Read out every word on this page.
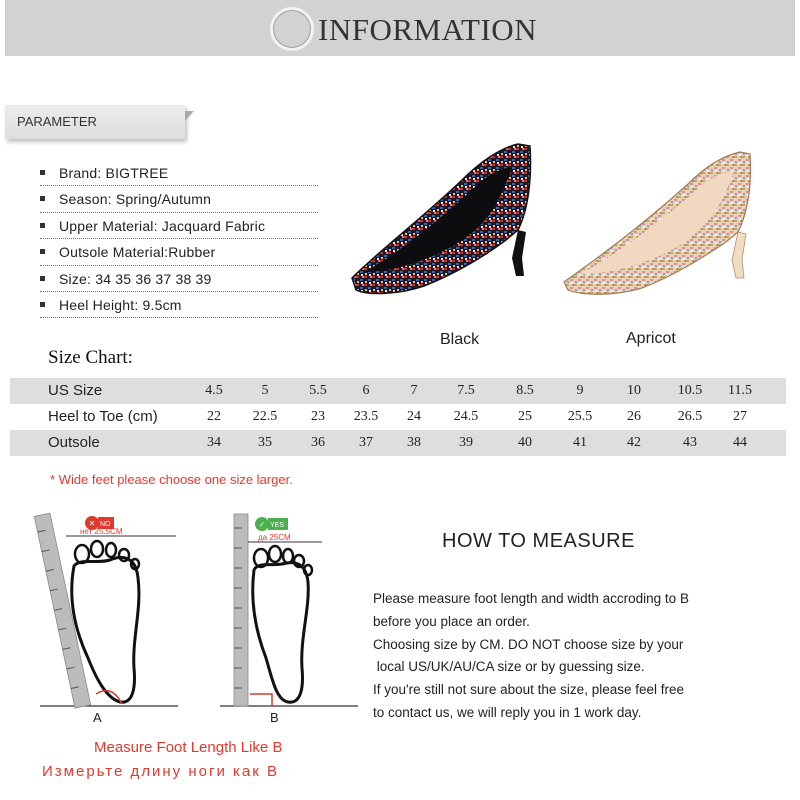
INFORMATION
PARAMETER
Brand: BIGTREE
Season: Spring/Autumn
Upper Material: Jacquard Fabric
Outsole Material:Rubber
Size: 34 35 36 37 38 39
Heel Height: 9.5cm
Black	Apricot
Size Chart:
US Size	4.5	5	5.5	6	7	7.5	8.5	9	10	10.5	11.5
Heel to Toe (cm)	22	22.5	23	23.5	24	24.5	25	25.5	26	26.5	27
Outsole	34	35	36	37	38	39	40	41	42	43	44
* Wide feet please choose one size larger.
✕ NO
нет 25.5CM
A
✓ YES
да 25CM
B
Measure Foot Length Like B
Измерьте длину ноги как B
HOW TO MEASURE
Please measure foot length and width accroding to B
before you place an order.
Choosing size by CM. DO NOT choose size by your
local US/UK/AU/CA size or by guessing size.
If you're still not sure about the size, please feel free
to contact us, we will reply you in 1 work day.
